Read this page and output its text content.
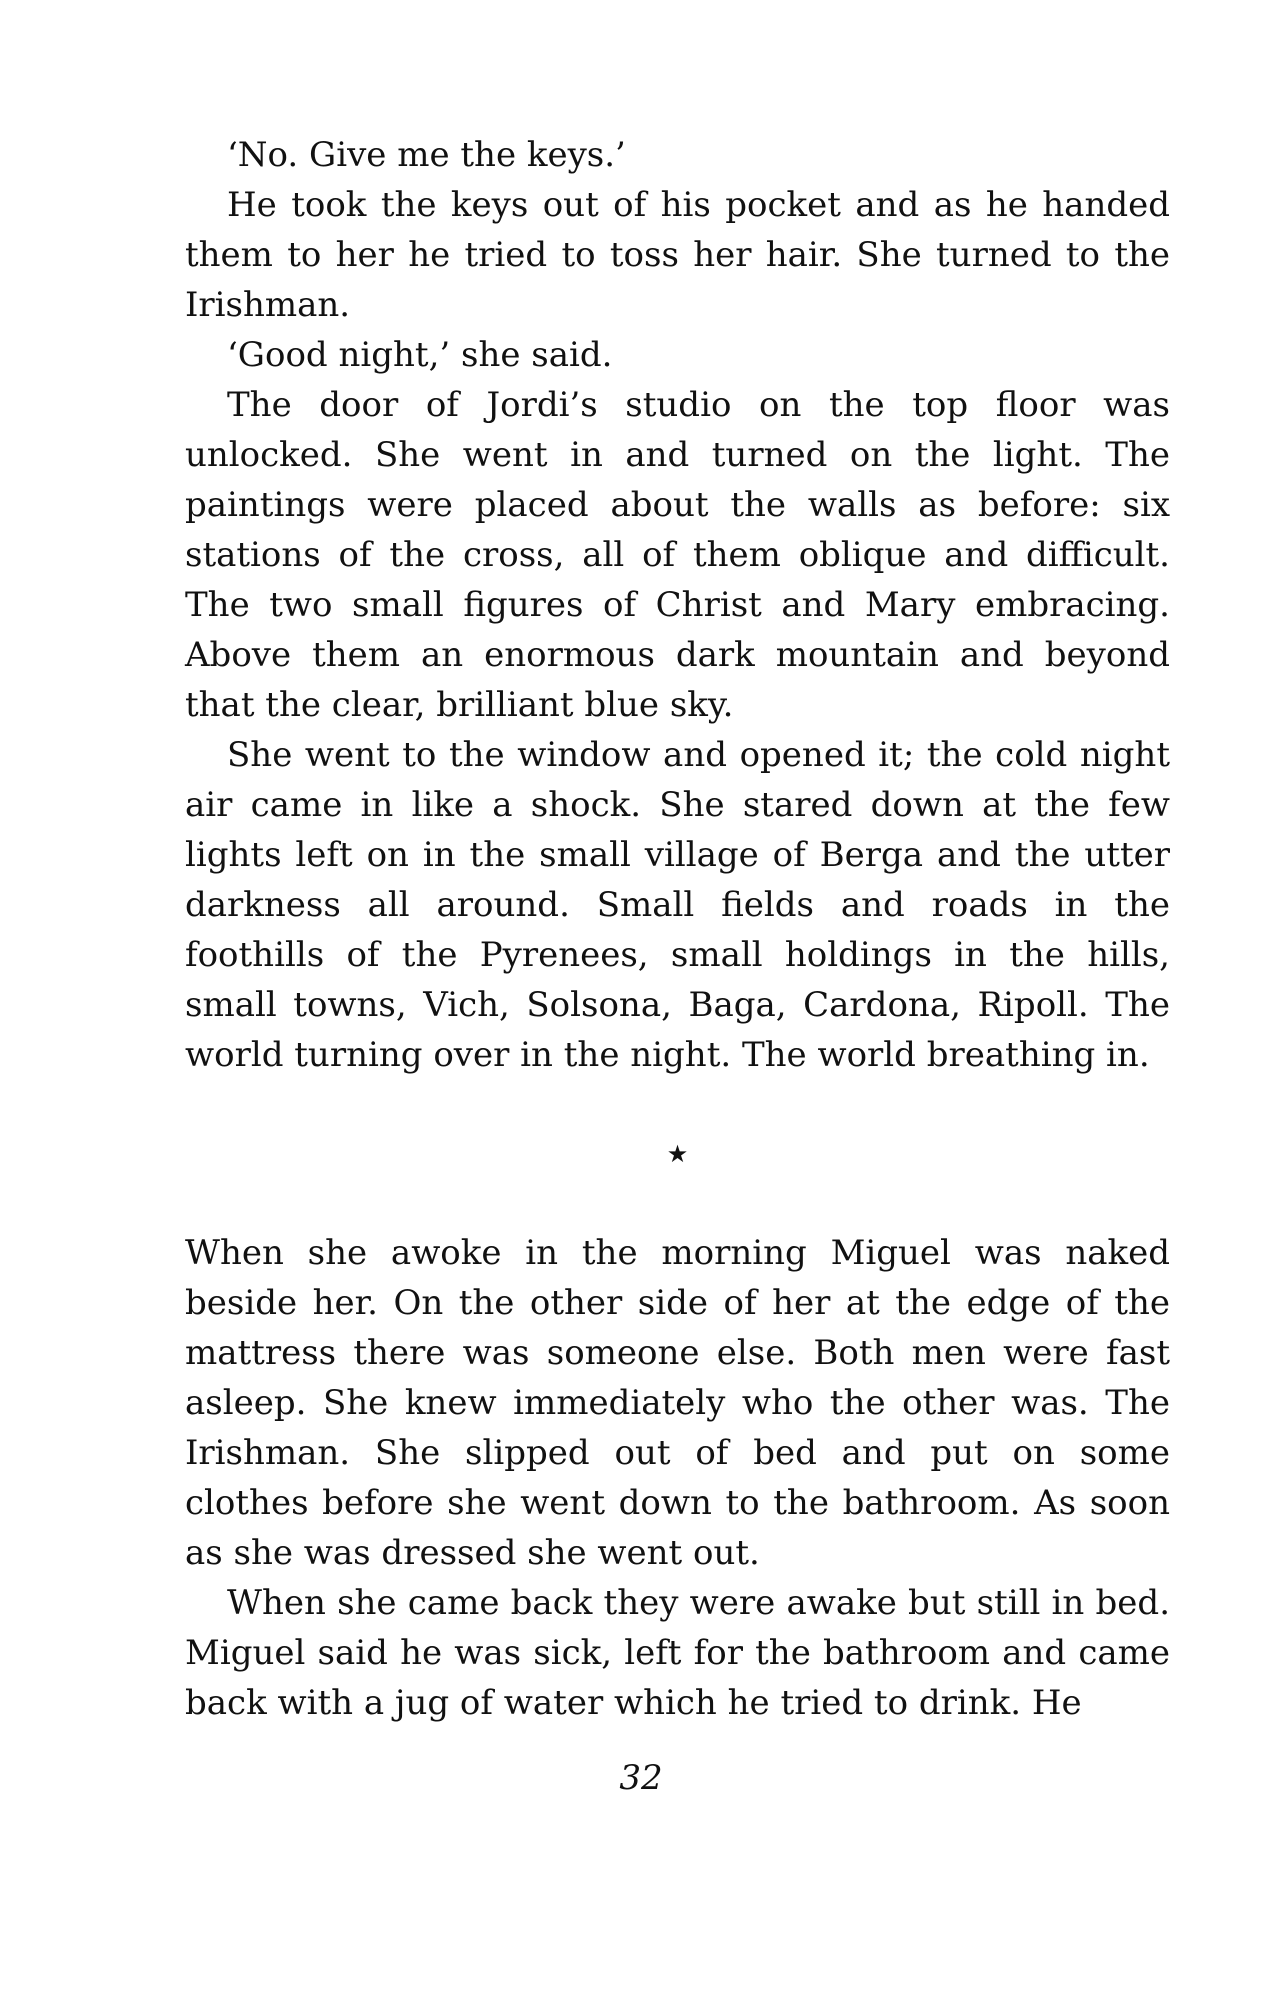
‘No. Give me the keys.’

He took the keys out of his pocket and as he handed them to her he tried to toss her hair. She turned to the Irishman.

‘Good night,’ she said.

The door of Jordi’s studio on the top floor was unlocked. She went in and turned on the light. The paintings were placed about the walls as before: six stations of the cross, all of them oblique and difficult. The two small figures of Christ and Mary embracing. Above them an enormous dark mountain and beyond that the clear, brilliant blue sky.

She went to the window and opened it; the cold night air came in like a shock. She stared down at the few lights left on in the small village of Berga and the utter darkness all around. Small fields and roads in the foothills of the Pyrenees, small holdings in the hills, small towns, Vich, Solsona, Baga, Cardona, Ripoll. The world turning over in the night. The world breathing in.

★

When she awoke in the morning Miguel was naked beside her. On the other side of her at the edge of the mattress there was someone else. Both men were fast asleep. She knew immediately who the other was. The Irishman. She slipped out of bed and put on some clothes before she went down to the bathroom. As soon as she was dressed she went out.

When she came back they were awake but still in bed. Miguel said he was sick, left for the bathroom and came back with a jug of water which he tried to drink. He

32
